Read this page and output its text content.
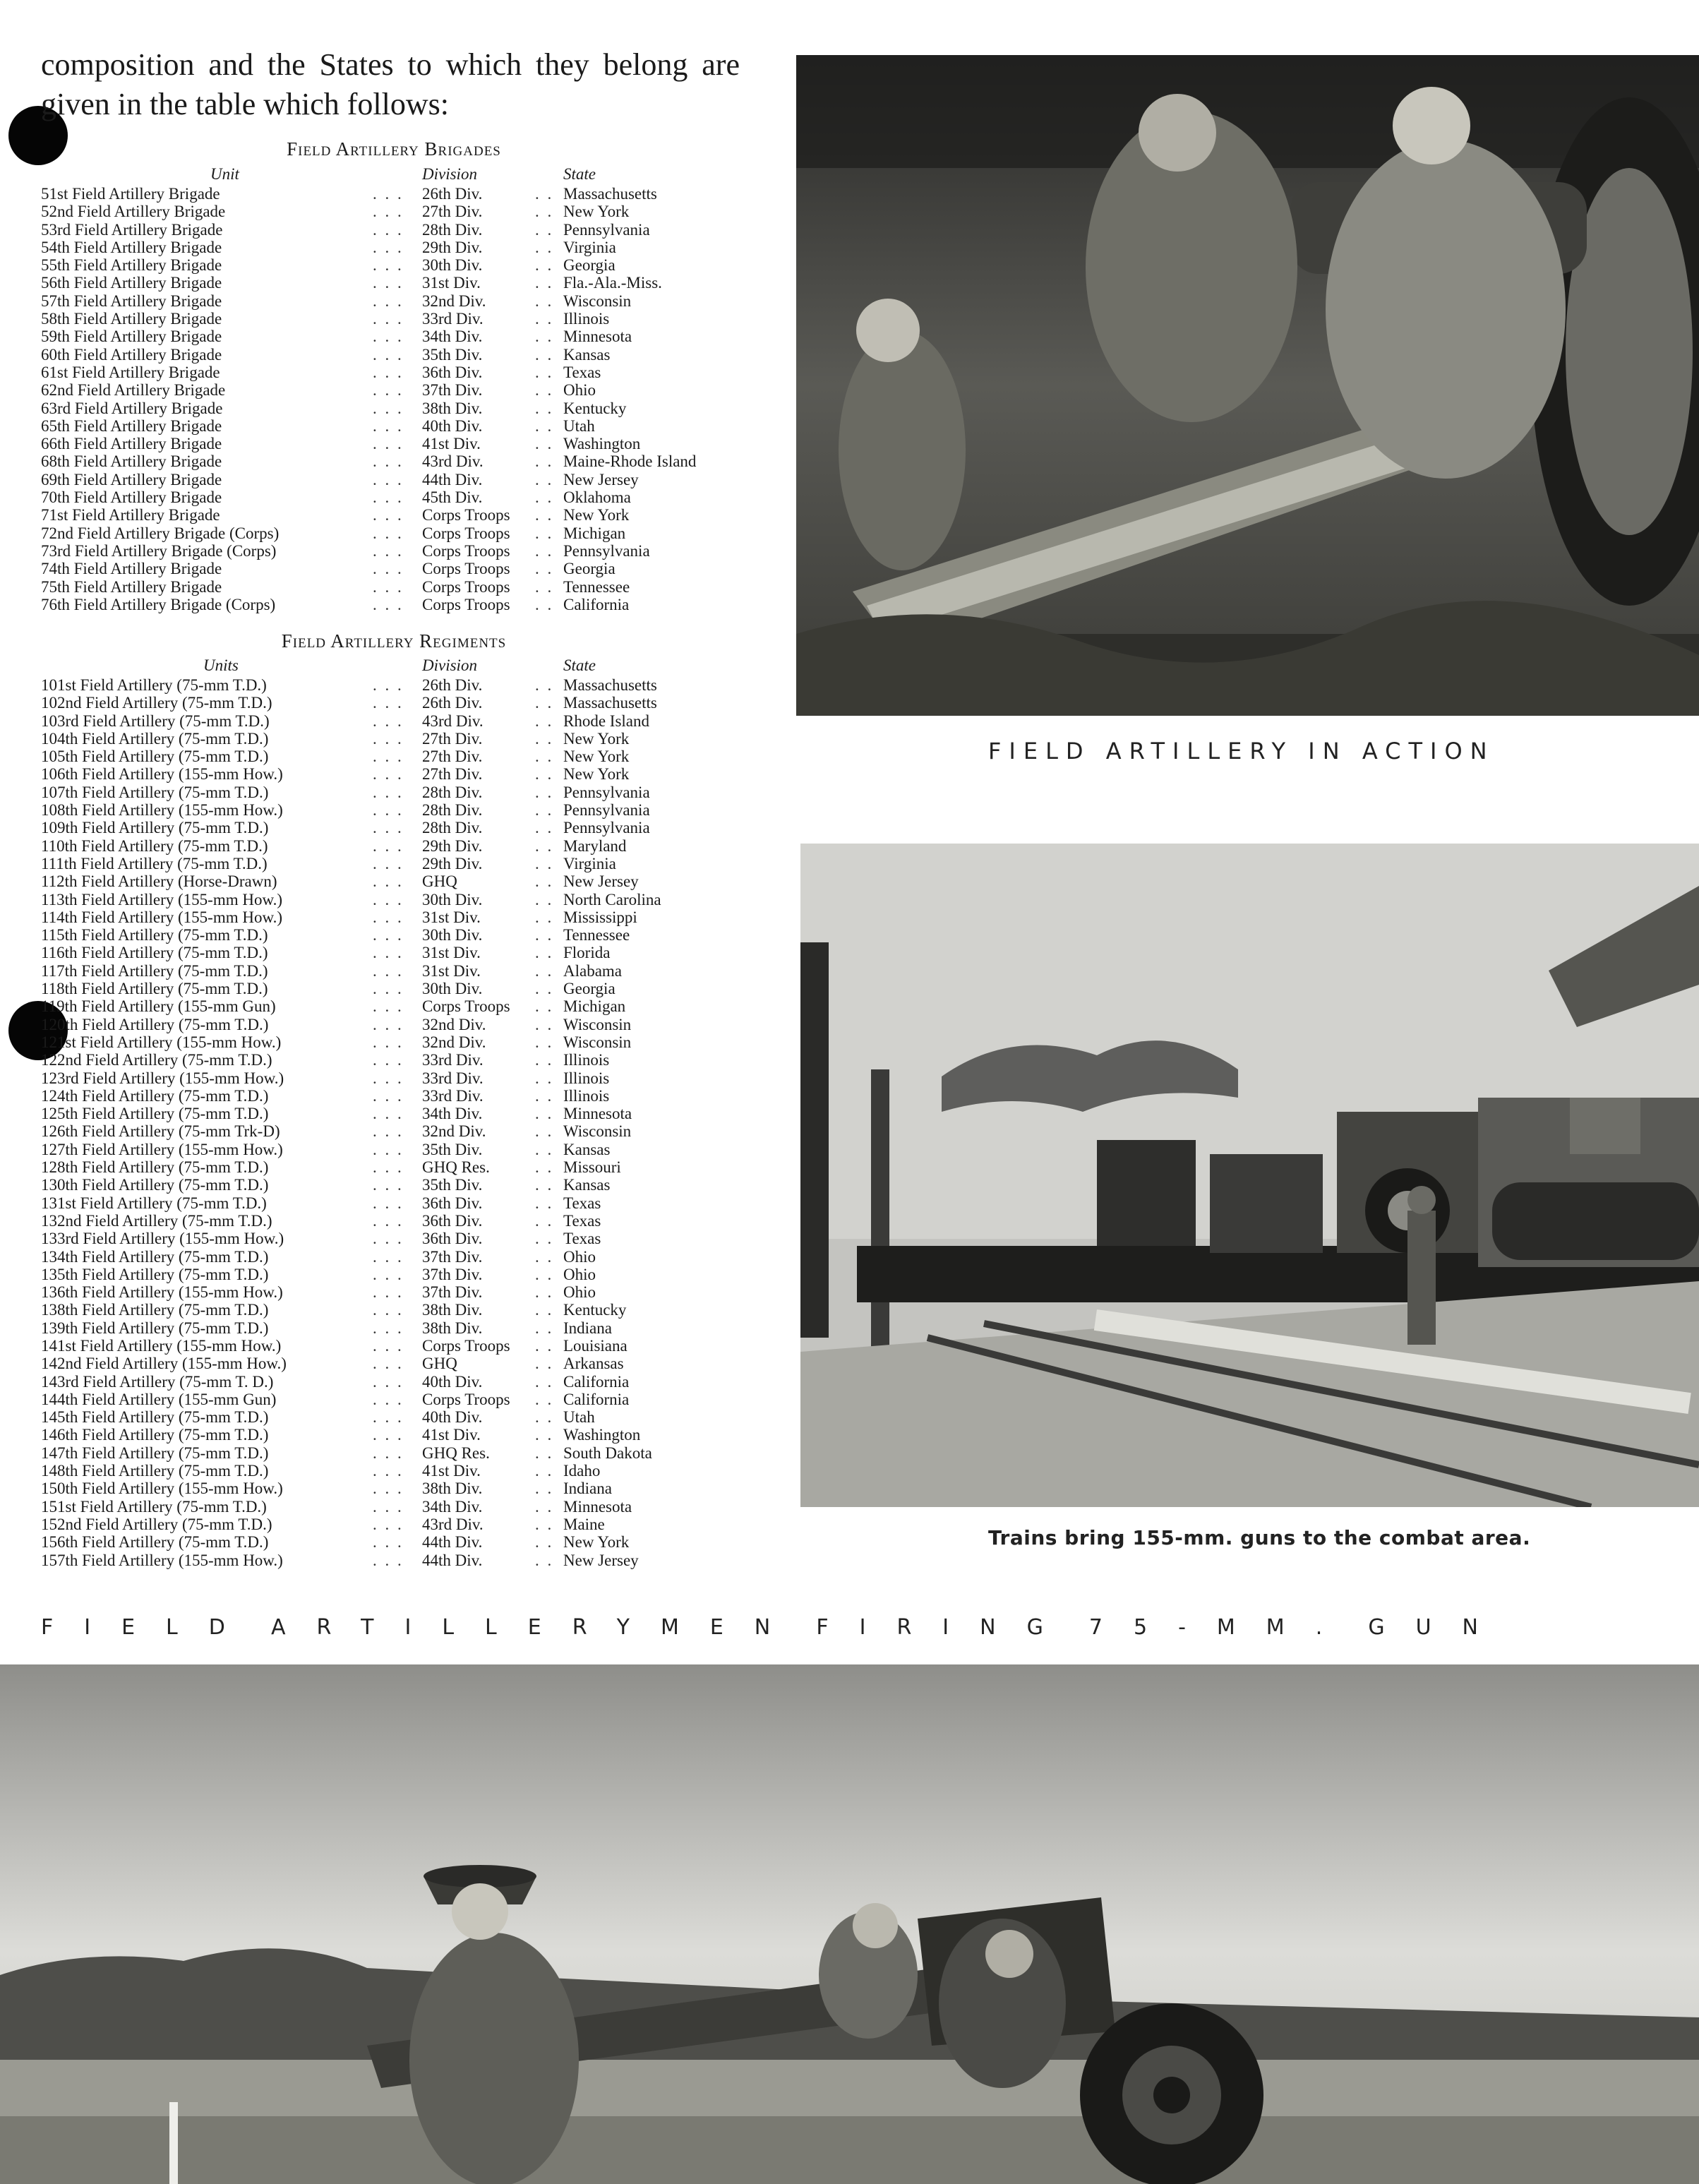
composition and the States to which they belong are given in the table which follows:

Field Artillery Brigades
Unit	Division	State
51st Field Artillery Brigade	. . . 26th Div.	. . Massachusetts
52nd Field Artillery Brigade	. . . 27th Div.	. . New York
53rd Field Artillery Brigade	. . . 28th Div.	. . Pennsylvania
54th Field Artillery Brigade	. . . 29th Div.	. . Virginia
55th Field Artillery Brigade	. . . 30th Div.	. . Georgia
56th Field Artillery Brigade	. . . 31st Div.	. . Fla.-Ala.-Miss.
57th Field Artillery Brigade	. . . 32nd Div.	. . Wisconsin
58th Field Artillery Brigade	. . . 33rd Div.	. . Illinois
59th Field Artillery Brigade	. . . 34th Div.	. . Minnesota
60th Field Artillery Brigade	. . . 35th Div.	. . Kansas
61st Field Artillery Brigade	. . . 36th Div.	. . Texas
62nd Field Artillery Brigade	. . . 37th Div.	. . Ohio
63rd Field Artillery Brigade	. . . 38th Div.	. . Kentucky
65th Field Artillery Brigade	. . . 40th Div.	. . Utah
66th Field Artillery Brigade	. . . 41st Div.	. . Washington
68th Field Artillery Brigade	. . . 43rd Div.	. . Maine-Rhode Island
69th Field Artillery Brigade	. . . 44th Div.	. . New Jersey
70th Field Artillery Brigade	. . . 45th Div.	. . Oklahoma
71st Field Artillery Brigade	. . . Corps Troops . . New York
72nd Field Artillery Brigade (Corps)	. . . Corps Troops . . Michigan
73rd Field Artillery Brigade (Corps)	. . . Corps Troops . . Pennsylvania
74th Field Artillery Brigade	. . . Corps Troops . . Georgia
75th Field Artillery Brigade	. . . Corps Troops . . Tennessee
76th Field Artillery Brigade (Corps)	. . . Corps Troops . . California
Field Artillery Regiments
Units	Division	State
101st Field Artillery (75-mm T.D.)	. . . 26th Div.	. . Massachusetts
102nd Field Artillery (75-mm T.D.)	. . . 26th Div.	. . Massachusetts
103rd Field Artillery (75-mm T.D.)	. . . 43rd Div.	. . Rhode Island
104th Field Artillery (75-mm T.D.)	. . . 27th Div.	. . New York
105th Field Artillery (75-mm T.D.)	. . . 27th Div.	. . New York
106th Field Artillery (155-mm How.)	. . . 27th Div.	. . New York
107th Field Artillery (75-mm T.D.)	. . . 28th Div.	. . Pennsylvania
108th Field Artillery (155-mm How.)	. . . 28th Div.	. . Pennsylvania
109th Field Artillery (75-mm T.D.)	. . . 28th Div.	. . Pennsylvania
110th Field Artillery (75-mm T.D.)	. . . 29th Div.	. . Maryland
111th Field Artillery (75-mm T.D.)	. . . 29th Div.	. . Virginia
112th Field Artillery (Horse-Drawn)	. . . GHQ	. . New Jersey
113th Field Artillery (155-mm How.)	. . . 30th Div.	. . North Carolina
114th Field Artillery (155-mm How.)	. . . 31st Div.	. . Mississippi
115th Field Artillery (75-mm T.D.)	. . . 30th Div.	. . Tennessee
116th Field Artillery (75-mm T.D.)	. . . 31st Div.	. . Florida
117th Field Artillery (75-mm T.D.)	. . . 31st Div.	. . Alabama
118th Field Artillery (75-mm T.D.)	. . . 30th Div.	. . Georgia
119th Field Artillery (155-mm Gun)	. . . Corps Troops . . Michigan
120th Field Artillery (75-mm T.D.)	. . . 32nd Div.	. . Wisconsin
121st Field Artillery (155-mm How.)	. . . 32nd Div.	. . Wisconsin
122nd Field Artillery (75-mm T.D.)	. . . 33rd Div.	. . Illinois
123rd Field Artillery (155-mm How.)	. . . 33rd Div.	. . Illinois
124th Field Artillery (75-mm T.D.)	. . . 33rd Div.	. . Illinois
125th Field Artillery (75-mm T.D.)	. . . 34th Div.	. . Minnesota
126th Field Artillery (75-mm Trk-D)	. . . 32nd Div.	. . Wisconsin
127th Field Artillery (155-mm How.)	. . . 35th Div.	. . Kansas
128th Field Artillery (75-mm T.D.)	. . . GHQ Res.	. . Missouri
130th Field Artillery (75-mm T.D.)	. . . 35th Div.	. . Kansas
131st Field Artillery (75-mm T.D.)	. . . 36th Div.	. . Texas
132nd Field Artillery (75-mm T.D.)	. . . 36th Div.	. . Texas
133rd Field Artillery (155-mm How.)	. . . 36th Div.	. . Texas
134th Field Artillery (75-mm T.D.)	. . . 37th Div.	. . Ohio
135th Field Artillery (75-mm T.D.)	. . . 37th Div.	. . Ohio
136th Field Artillery (155-mm How.)	. . . 37th Div.	. . Ohio
138th Field Artillery (75-mm T.D.)	. . . 38th Div.	. . Kentucky
139th Field Artillery (75-mm T.D.)	. . . 38th Div.	. . Indiana
141st Field Artillery (155-mm How.)	. . . Corps Troops . . Louisiana
142nd Field Artillery (155-mm How.)	. . . GHQ	. . Arkansas
143rd Field Artillery (75-mm T. D.)	. . . 40th Div.	. . California
144th Field Artillery (155-mm Gun)	. . . Corps Troops . . California
145th Field Artillery (75-mm T.D.)	. . . 40th Div.	. . Utah
146th Field Artillery (75-mm T.D.)	. . . 41st Div.	. . Washington
147th Field Artillery (75-mm T.D.)	. . . GHQ Res.	. . South Dakota
148th Field Artillery (75-mm T.D.)	. . . 41st Div.	. . Idaho
150th Field Artillery (155-mm How.)	. . . 38th Div.	. . Indiana
151st Field Artillery (75-mm T.D.)	. . . 34th Div.	. . Minnesota
152nd Field Artillery (75-mm T.D.)	. . . 43rd Div.	. . Maine
156th Field Artillery (75-mm T.D.)	. . . 44th Div.	. . New York
157th Field Artillery (155-mm How.)	. . . 44th Div.	. . New Jersey
FIELD ARTILLERY IN ACTION
Trains bring 155-mm. guns to the combat area.
FIELD ARTILLERYMEN FIRING 75-MM. GUN
